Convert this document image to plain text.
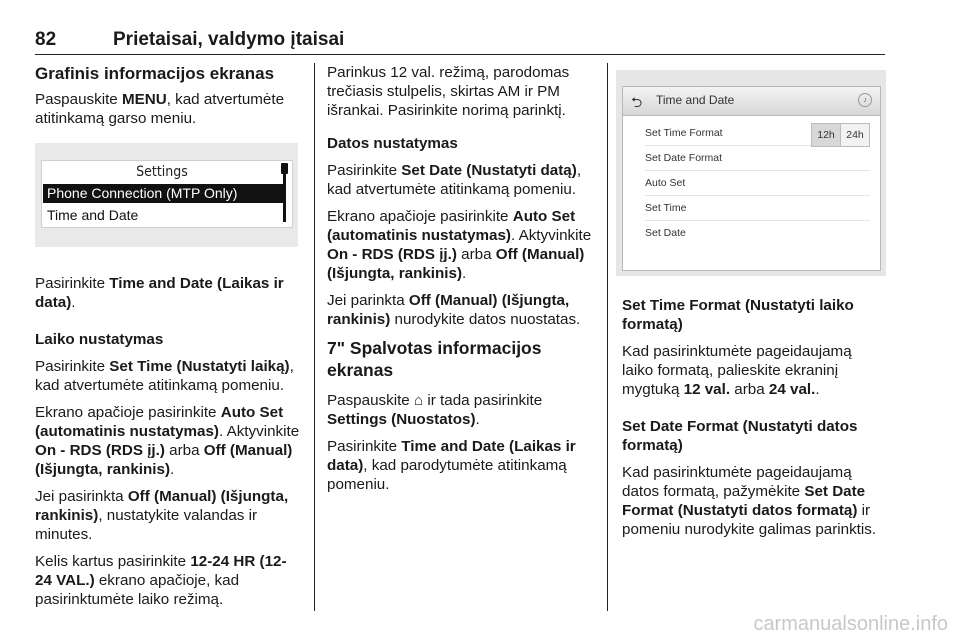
82	Prietaisai, valdymo įtaisai
Grafinis informacijos ekranas

Paspauskite MENU, kad atvertumėte atitinkamą garso meniu.

Pasirinkite Time and Date (Laikas ir data).

Laiko nustatymas

Pasirinkite Set Time (Nustatyti laiką), kad atvertumėte atitinkamą pomeniu.

Ekrano apačioje pasirinkite Auto Set (automatinis nustatymas). Aktyvinkite On - RDS (RDS įj.) arba Off (Manual) (Išjungta, rankinis).

Jei pasirinkta Off (Manual) (Išjungta, rankinis), nustatykite valandas ir minutes.

Kelis kartus pasirinkite 12-24 HR (12-24 VAL.) ekrano apačioje, kad pasirinktumėte laiko režimą.

Settings
Phone Connection (MTP Only)
Time and Date

Parinkus 12 val. režimą, parodomas trečiasis stulpelis, skirtas AM ir PM išrankai. Pasirinkite norimą parinktį.

Datos nustatymas

Pasirinkite Set Date (Nustatyti datą), kad atvertumėte atitinkamą pomeniu.

Ekrano apačioje pasirinkite Auto Set (automatinis nustatymas). Aktyvinkite On - RDS (RDS įj.) arba Off (Manual) (Išjungta, rankinis).

Jei parinkta Off (Manual) (Išjungta, rankinis) nurodykite datos nuostatas.

7" Spalvotas informacijos ekranas

Paspauskite ⌂ ir tada pasirinkite Settings (Nuostatos).

Pasirinkite Time and Date (Laikas ir data), kad parodytumėte atitinkamą pomeniu.

⮌ Time and Date	♪
Set Time Format
Set Date Format
Auto Set
Set Time
Set Date
12h	24h

Set Time Format (Nustatyti laiko formatą)

Kad pasirinktumėte pageidaujamą laiko formatą, palieskite ekraninį mygtuką 12 val. arba 24 val..

Set Date Format (Nustatyti datos formatą)

Kad pasirinktumėte pageidaujamą datos formatą, pažymėkite Set Date Format (Nustatyti datos formatą) ir pomeniu nurodykite galimas parinktis.

carmanualsonline.info
